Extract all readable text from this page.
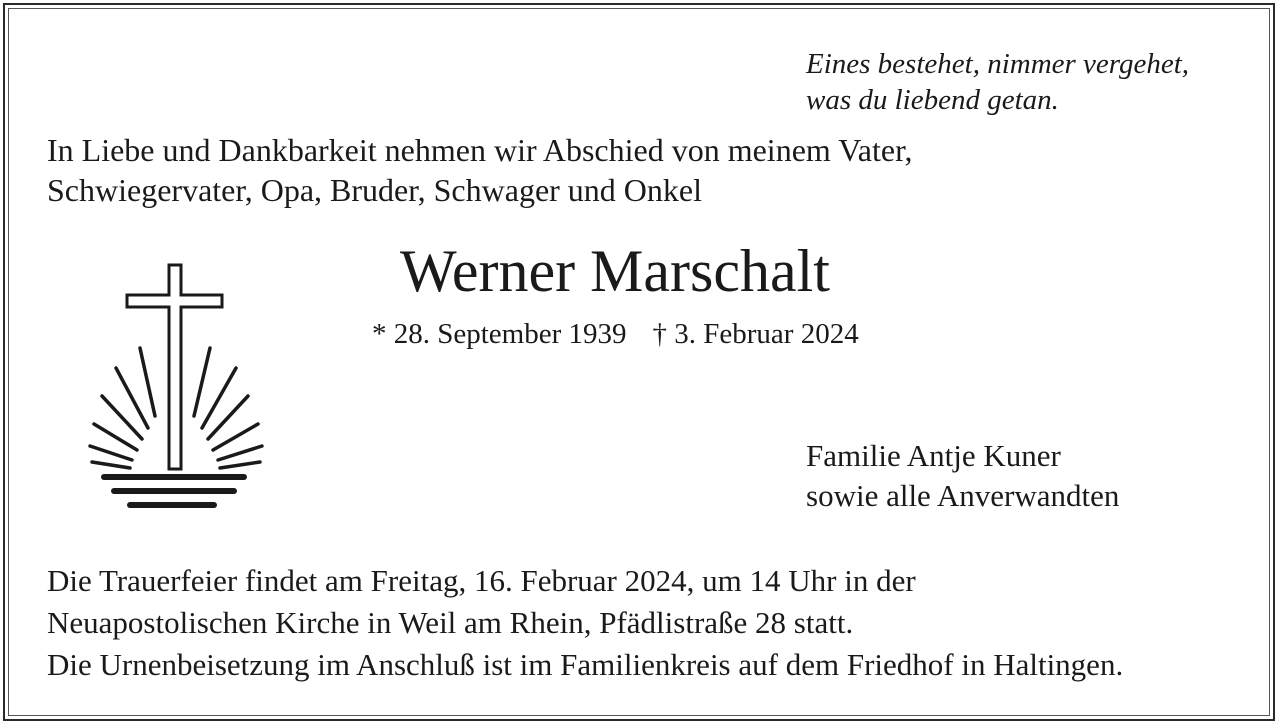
Eines bestehet, nimmer vergehet,
was du liebend getan.
In Liebe und Dankbarkeit nehmen wir Abschied von meinem Vater,
Schwiegervater, Opa, Bruder, Schwager und Onkel
Werner Marschalt
* 28. September 1939 † 3. Februar 2024
Familie Antje Kuner
sowie alle Anverwandten
Die Trauerfeier findet am Freitag, 16. Februar 2024, um 14 Uhr in der
Neuapostolischen Kirche in Weil am Rhein, Pfädlistraße 28 statt.
Die Urnenbeisetzung im Anschluß ist im Familienkreis auf dem Friedhof in Haltingen.
